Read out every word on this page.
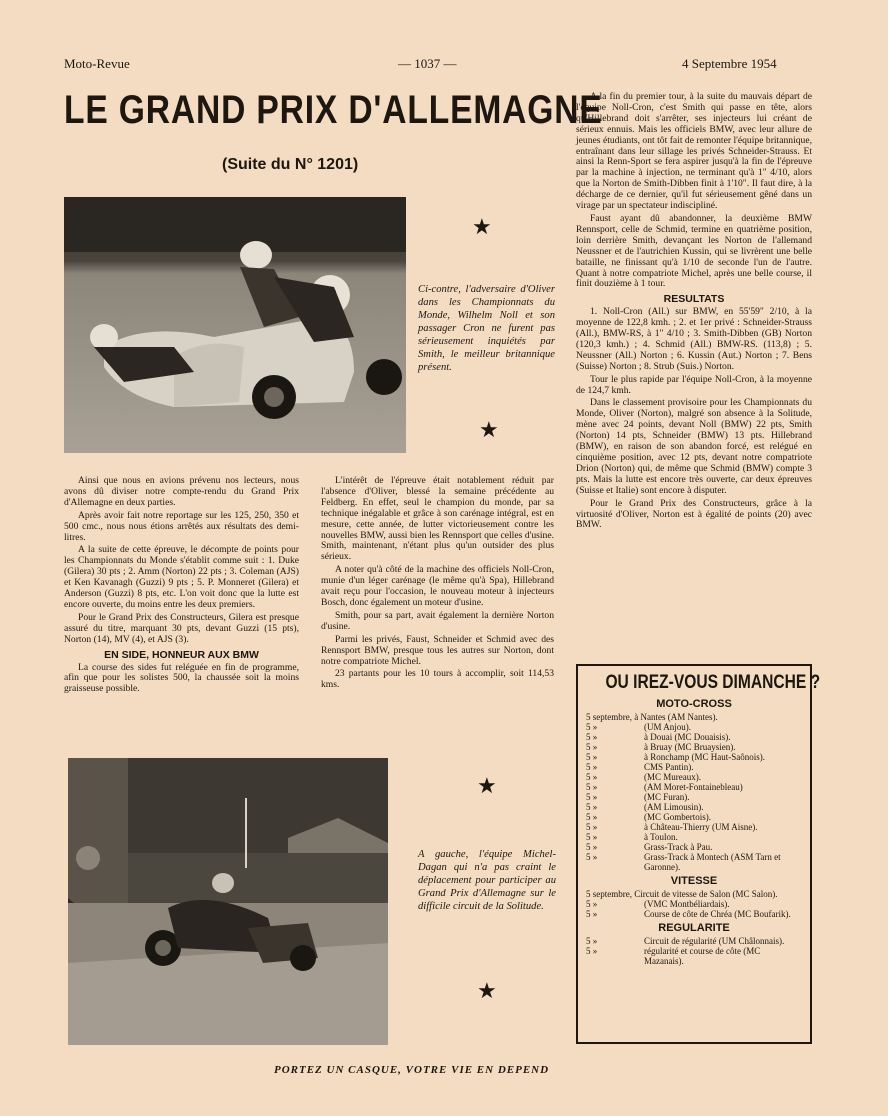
Moto-Revue	— 1037 —	4 Septembre 1954
LE GRAND PRIX D'ALLEMAGNE
(Suite du N° 1201)
Ci-contre, l'adversaire d'Oliver dans les Championnats du Monde, Wilhelm Noll et son passager Cron ne furent pas sérieusement inquiétés par Smith, le meilleur britannique présent.
★
★
★
★

Ainsi que nous en avions prévenu nos lecteurs, nous avons dû diviser notre compte-rendu du Grand Prix d'Allemagne en deux parties.

Après avoir fait notre reportage sur les 125, 250, 350 et 500 cmc., nous nous étions arrêtés aux résultats des demi-litres.

A la suite de cette épreuve, le décompte de points pour les Championnats du Monde s'établit comme suit : 1. Duke (Gilera) 30 pts ; 2. Amm (Norton) 22 pts ; 3. Coleman (AJS) et Ken Kavanagh (Guzzi) 9 pts ; 5. P. Monneret (Gilera) et Anderson (Guzzi) 8 pts, etc. L'on voit donc que la lutte est encore ouverte, du moins entre les deux premiers.

Pour le Grand Prix des Constructeurs, Gilera est presque assuré du titre, marquant 30 pts, devant Guzzi (15 pts), Norton (14), MV (4), et AJS (3).

EN SIDE, HONNEUR AUX BMW

La course des sides fut reléguée en fin de programme, afin que pour les solistes 500, la chaussée soit la moins graisseuse possible.

L'intérêt de l'épreuve était notablement réduit par l'absence d'Oliver, blessé la semaine précédente au Feldberg. En effet, seul le champion du monde, par sa technique inégalable et grâce à son carénage intégral, est en mesure, cette année, de lutter victorieusement contre les nouvelles BMW, aussi bien les Rennsport que celles d'usine. Smith, maintenant, n'étant plus qu'un outsider des plus sérieux.

A noter qu'à côté de la machine des officiels Noll-Cron, munie d'un léger carénage (le même qu'à Spa), Hillebrand avait reçu pour l'occasion, le nouveau moteur à injecteurs Bosch, donc également un moteur d'usine.

Smith, pour sa part, avait également la dernière Norton d'usine.

Parmi les privés, Faust, Schneider et Schmid avec des Rennsport BMW, presque tous les autres sur Norton, dont notre compatriote Michel.

23 partants pour les 10 tours à accomplir, soit 114,53 kms.

A gauche, l'équipe Michel-Dagan qui n'a pas craint le déplacement pour participer au Grand Prix d'Allemagne sur le difficile circuit de la Solitude.

A la fin du premier tour, à la suite du mauvais départ de l'équipe Noll-Cron, c'est Smith qui passe en tête, alors qu'Hillebrand doit s'arrêter, ses injecteurs lui créant de sérieux ennuis. Mais les officiels BMW, avec leur allure de jeunes étudiants, ont tôt fait de remonter l'équipe britannique, entraînant dans leur sillage les privés Schneider-Strauss. Et ainsi la Renn-Sport se fera aspirer jusqu'à la fin de l'épreuve par la machine à injection, ne terminant qu'à 1" 4/10, alors que la Norton de Smith-Dibben finit à 1'10". Il faut dire, à la décharge de ce dernier, qu'il fut sérieusement gêné dans un virage par un spectateur indiscipliné.

Faust ayant dû abandonner, la deuxième BMW Rennsport, celle de Schmid, termine en quatrième position, loin derrière Smith, devançant les Norton de l'allemand Neussner et de l'autrichien Kussin, qui se livrèrent une belle bataille, ne finissant qu'à 1/10 de seconde l'un de l'autre. Quant à notre compatriote Michel, après une belle course, il finit douzième à 1 tour.

RESULTATS

1. Noll-Cron (All.) sur BMW, en 55'59" 2/10, à la moyenne de 122,8 kmh. ; 2. et 1er privé : Schneider-Strauss (All.), BMW-RS, à 1" 4/10 ; 3. Smith-Dibben (GB) Norton (120,3 kmh.) ; 4. Schmid (All.) BMW-RS. (113,8) ; 5. Neussner (All.) Norton ; 6. Kussin (Aut.) Norton ; 7. Bens (Suisse) Norton ; 8. Strub (Suis.) Norton.

Tour le plus rapide par l'équipe Noll-Cron, à la moyenne de 124,7 kmh.

Dans le classement provisoire pour les Championnats du Monde, Oliver (Norton), malgré son absence à la Solitude, mène avec 24 points, devant Noll (BMW) 22 pts, Smith (Norton) 14 pts, Schneider (BMW) 13 pts. Hillebrand (BMW), en raison de son abandon forcé, est relégué en cinquième position, avec 12 pts, devant notre compatriote Drion (Norton) qui, de même que Schmid (BMW) compte 3 pts. Mais la lutte est encore très ouverte, car deux épreuves (Suisse et Italie) sont encore à disputer.

Pour le Grand Prix des Constructeurs, grâce à la virtuosité d'Oliver, Norton est à égalité de points (20) avec BMW.

OU IREZ-VOUS DIMANCHE ?
MOTO-CROSS
5 septembre, à Nantes (AM Nantes).
5 »	(UM Anjou).
5 »	à Douai (MC Douaisis).
5 »	à Bruay (MC Bruaysien).
5 »	à Ronchamp (MC Haut-Saônois).
5 »	CMS Pantin).
5 »	(MC Mureaux).
5 »	(AM Moret-Fontainebleau)
5 »	(MC Furan).
5 »	(AM Limousin).
5 »	(MC Gombertois).
5 »	à Château-Thierry (UM Aisne).
5 »	à Toulon.
5 »	Grass-Track à Pau.
5 »	Grass-Track à Montech (ASM Tarn et Garonne).
VITESSE
5 septembre, Circuit de vitesse de Salon (MC Salon).
5 »	(VMC Montbéliardais).
5 »	Course de côte de Chréa (MC Boufarik).
REGULARITE
5 »	Circuit de régularité (UM Châlonnais).
5 »	régularité et course de côte (MC Mazanais).
PORTEZ UN CASQUE, VOTRE VIE EN DEPEND
